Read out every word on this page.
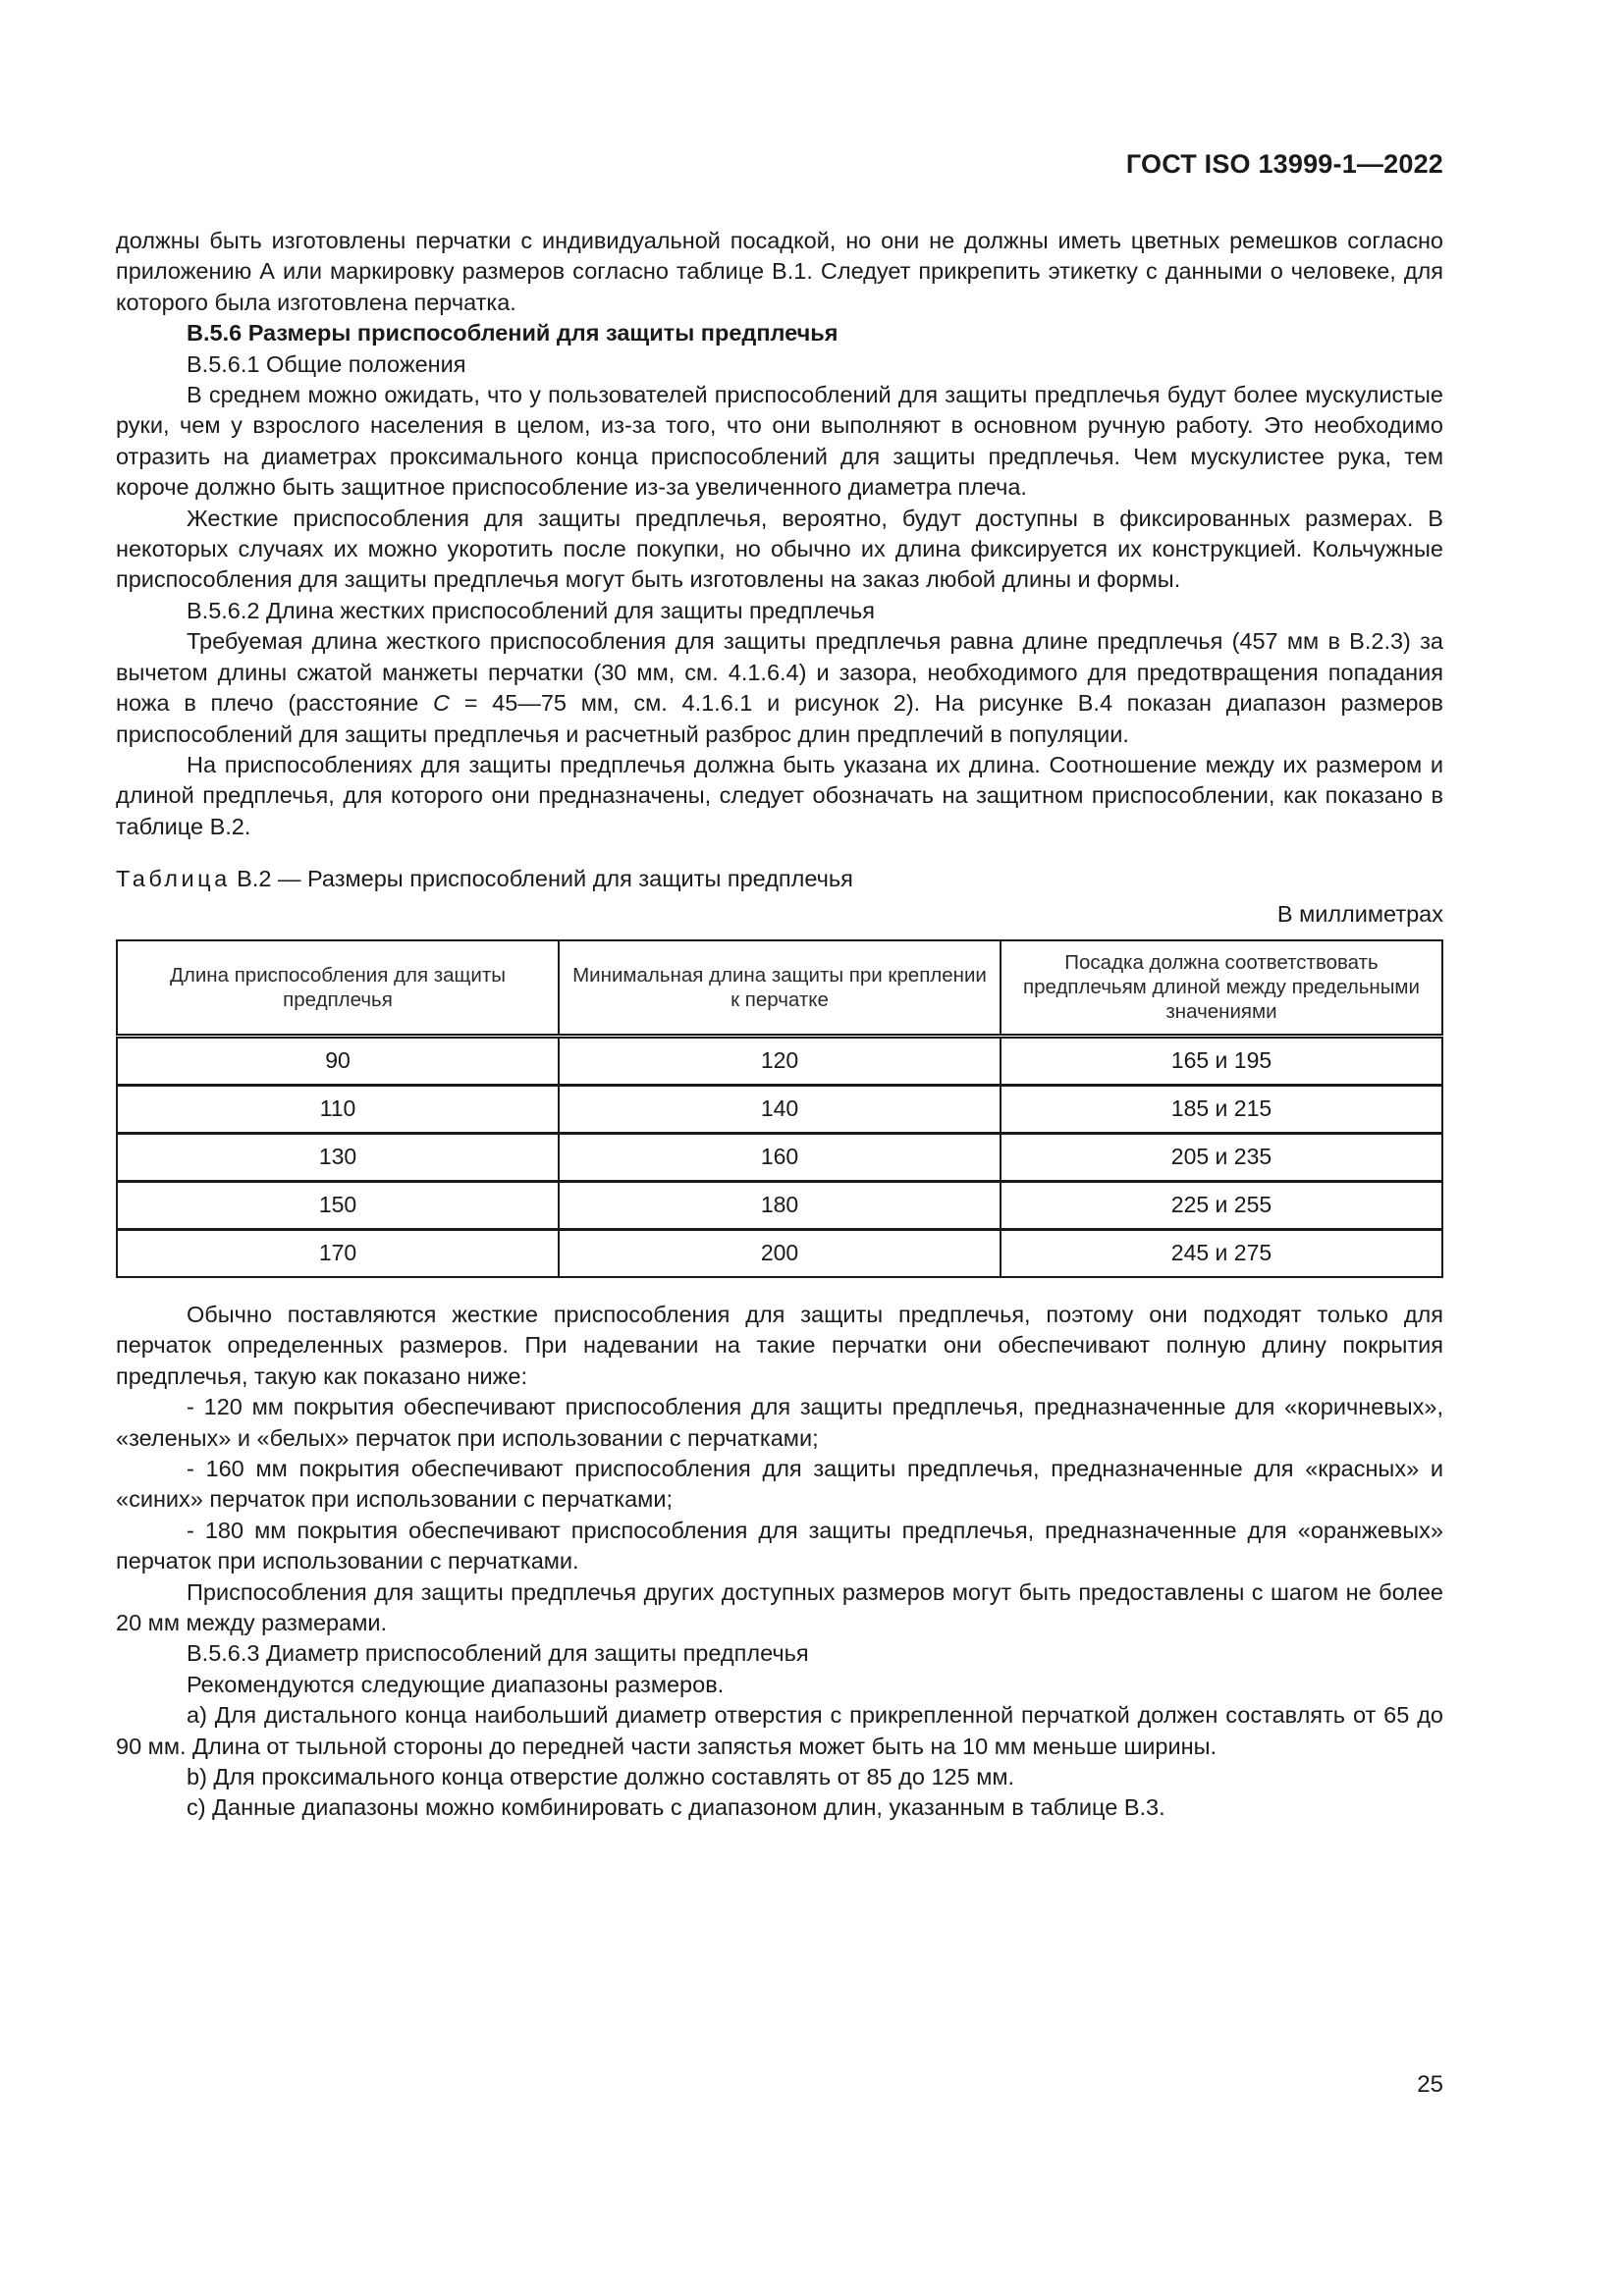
ГОСТ ISO 13999-1—2022

должны быть изготовлены перчатки с индивидуальной посадкой, но они не должны иметь цветных ремешков согласно приложению А или маркировку размеров согласно таблице В.1. Следует прикрепить этикетку с данными о человеке, для которого была изготовлена перчатка.

В.5.6 Размеры приспособлений для защиты предплечья

В.5.6.1 Общие положения

В среднем можно ожидать, что у пользователей приспособлений для защиты предплечья будут более мускулистые руки, чем у взрослого населения в целом, из-за того, что они выполняют в основном ручную работу. Это необходимо отразить на диаметрах проксимального конца приспособлений для защиты предплечья. Чем мускулистее рука, тем короче должно быть защитное приспособление из-за увеличенного диаметра плеча.

Жесткие приспособления для защиты предплечья, вероятно, будут доступны в фиксированных размерах. В некоторых случаях их можно укоротить после покупки, но обычно их длина фиксируется их конструкцией. Кольчужные приспособления для защиты предплечья могут быть изготовлены на заказ любой длины и формы.

В.5.6.2 Длина жестких приспособлений для защиты предплечья

Требуемая длина жесткого приспособления для защиты предплечья равна длине предплечья (457 мм в В.2.3) за вычетом длины сжатой манжеты перчатки (30 мм, см. 4.1.6.4) и зазора, необходимого для предотвращения попадания ножа в плечо (расстояние C = 45—75 мм, см. 4.1.6.1 и рисунок 2). На рисунке В.4 показан диапазон размеров приспособлений для защиты предплечья и расчетный разброс длин предплечий в популяции.

На приспособлениях для защиты предплечья должна быть указана их длина. Соотношение между их размером и длиной предплечья, для которого они предназначены, следует обозначать на защитном приспособлении, как показано в таблице В.2.

Таблица В.2 — Размеры приспособлений для защиты предплечья

В миллиметрах

Длина приспособления для защиты предплечья	Минимальная длина защиты при креплении к перчатке	Посадка должна соответствовать предплечьям длиной между предельными значениями
90	120	165 и 195
110	140	185 и 215
130	160	205 и 235
150	180	225 и 255
170	200	245 и 275

Обычно поставляются жесткие приспособления для защиты предплечья, поэтому они подходят только для перчаток определенных размеров. При надевании на такие перчатки они обеспечивают полную длину покрытия предплечья, такую как показано ниже:

- 120 мм покрытия обеспечивают приспособления для защиты предплечья, предназначенные для «коричневых», «зеленых» и «белых» перчаток при использовании с перчатками;

- 160 мм покрытия обеспечивают приспособления для защиты предплечья, предназначенные для «красных» и «синих» перчаток при использовании с перчатками;

- 180 мм покрытия обеспечивают приспособления для защиты предплечья, предназначенные для «оранжевых» перчаток при использовании с перчатками.

Приспособления для защиты предплечья других доступных размеров могут быть предоставлены с шагом не более 20 мм между размерами.

В.5.6.3 Диаметр приспособлений для защиты предплечья

Рекомендуются следующие диапазоны размеров.

а) Для дистального конца наибольший диаметр отверстия с прикрепленной перчаткой должен составлять от 65 до 90 мм. Длина от тыльной стороны до передней части запястья может быть на 10 мм меньше ширины.

b) Для проксимального конца отверстие должно составлять от 85 до 125 мм.

c) Данные диапазоны можно комбинировать с диапазоном длин, указанным в таблице В.3.

25
